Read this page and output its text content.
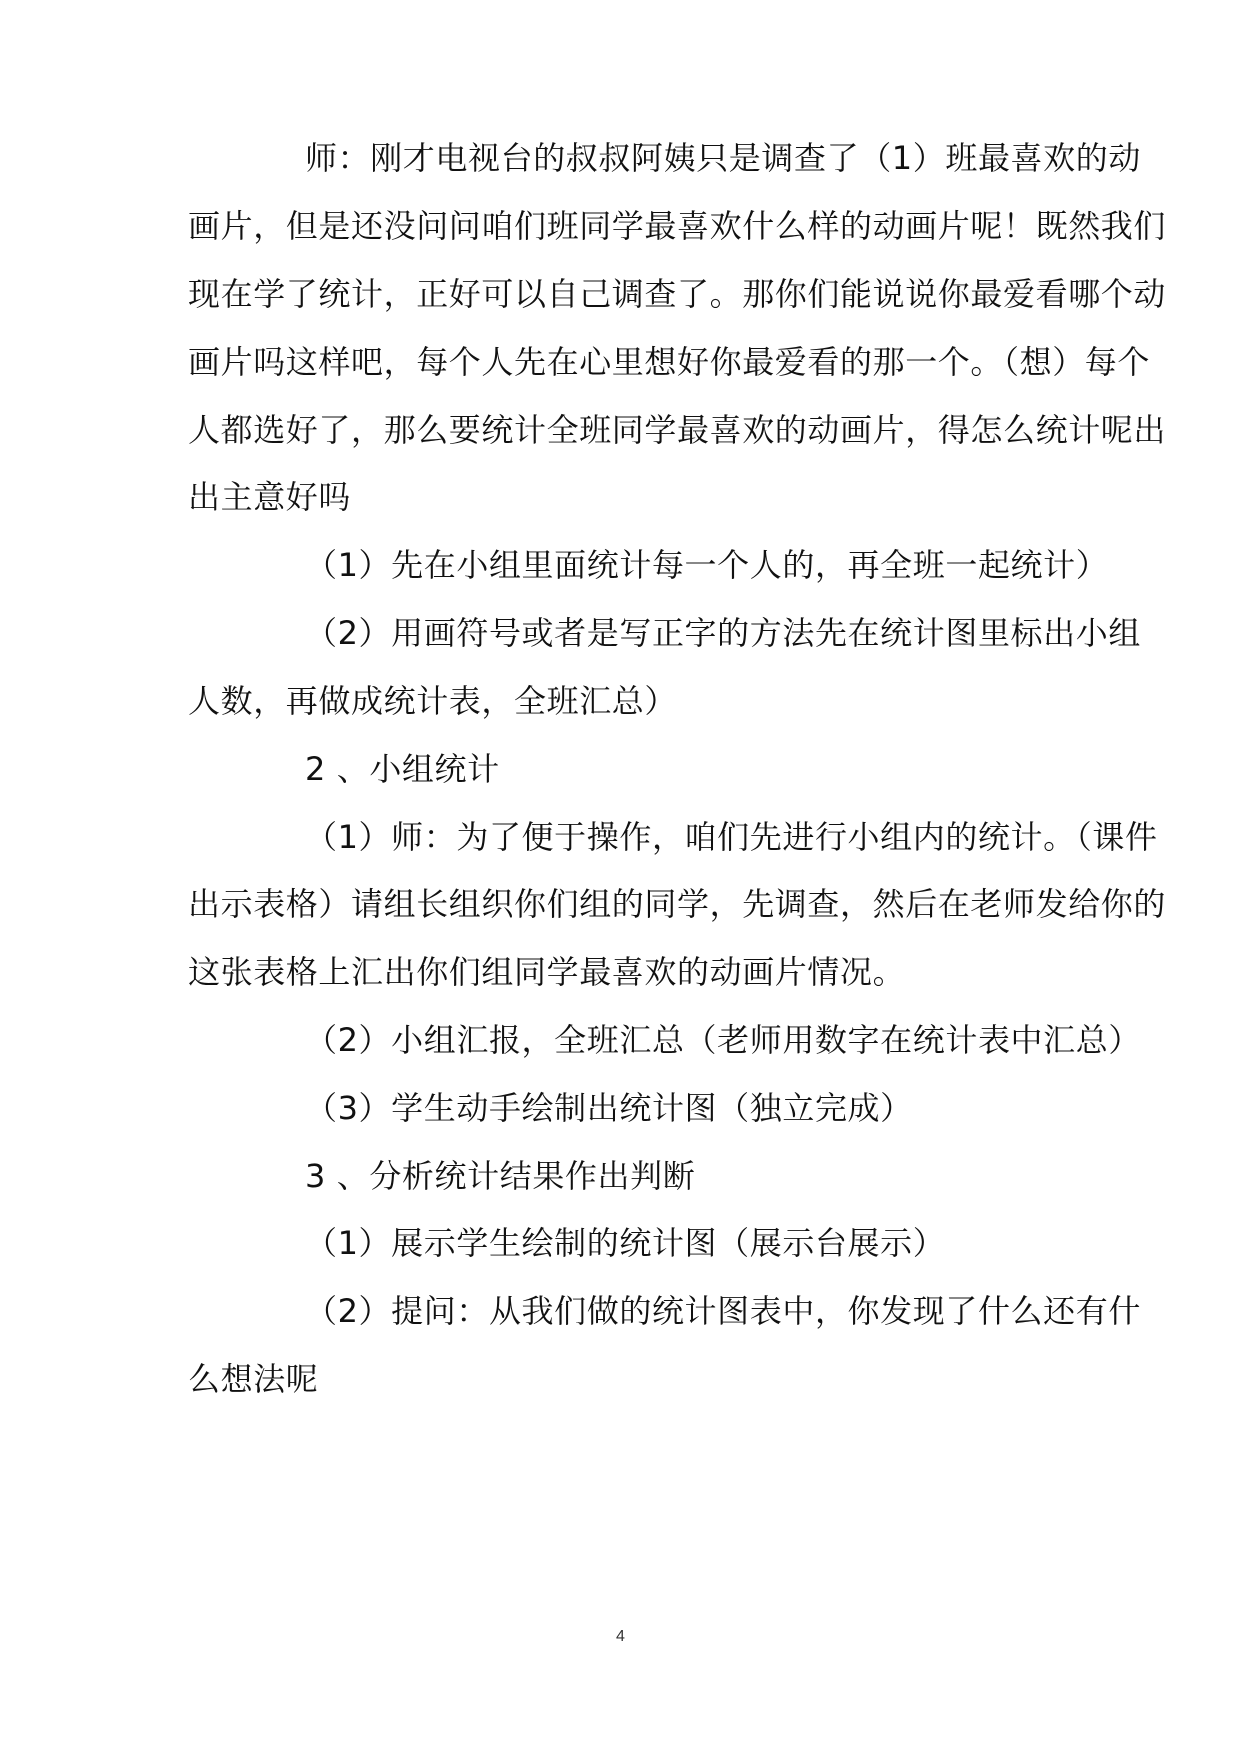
师：刚才电视台的叔叔阿姨只是调查了（1）班最喜欢的动
画片，但是还没问问咱们班同学最喜欢什么样的动画片呢！既然我们
现在学了统计，正好可以自己调查了。那你们能说说你最爱看哪个动
画片吗这样吧，每个人先在心里想好你最爱看的那一个。（想）每个
人都选好了，那么要统计全班同学最喜欢的动画片，得怎么统计呢出
出主意好吗
（1）先在小组里面统计每一个人的，再全班一起统计）
（2）用画符号或者是写正字的方法先在统计图里标出小组
人数，再做成统计表，全班汇总）
2 、小组统计
（1）师：为了便于操作，咱们先进行小组内的统计。（课件
出示表格）请组长组织你们组的同学，先调查，然后在老师发给你的
这张表格上汇出你们组同学最喜欢的动画片情况。
（2）小组汇报，全班汇总（老师用数字在统计表中汇总）
（3）学生动手绘制出统计图（独立完成）
3 、分析统计结果作出判断
（1）展示学生绘制的统计图（展示台展示）
（2）提问：从我们做的统计图表中，你发现了什么还有什
么想法呢
4
